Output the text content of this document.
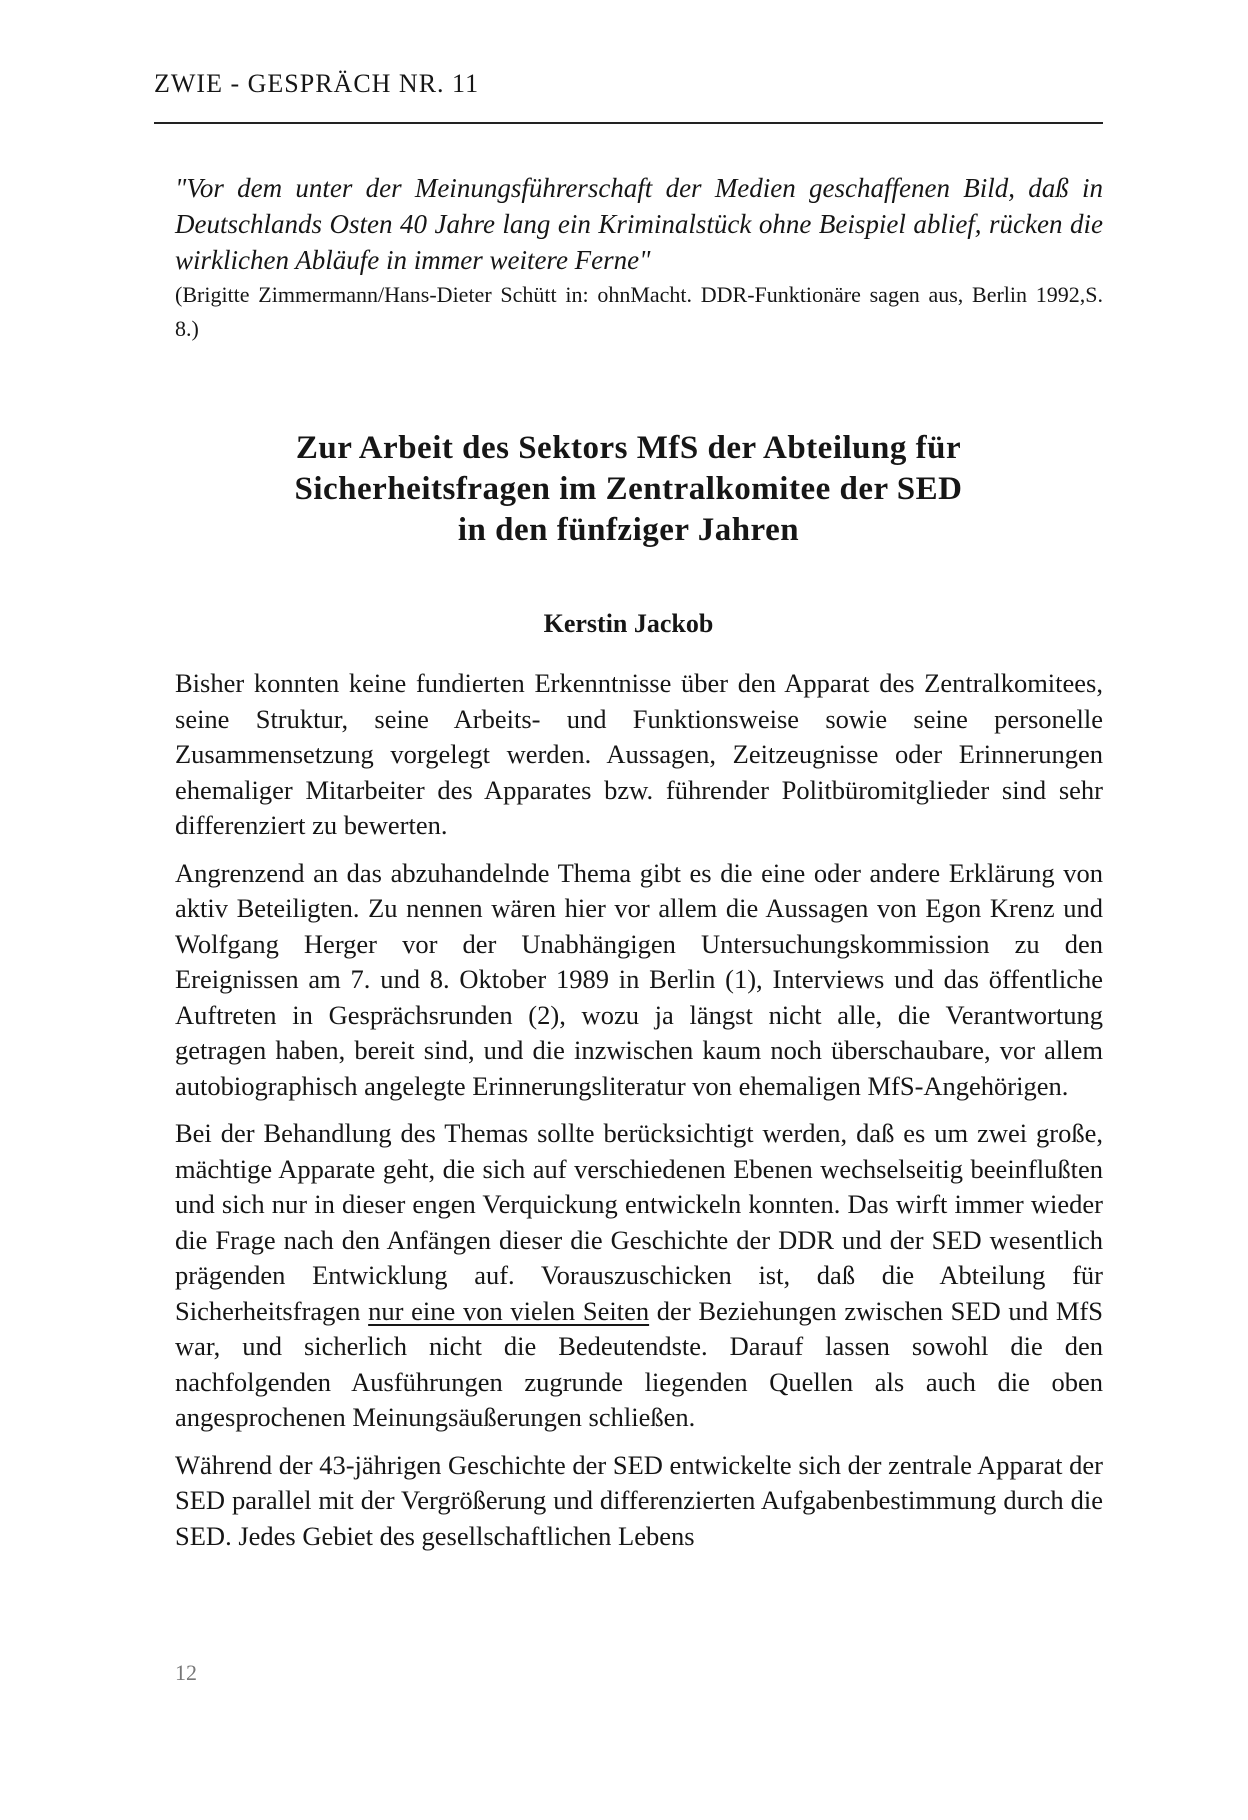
ZWIE - GESPRÄCH NR. 11

"Vor dem unter der Meinungsführerschaft der Medien geschaffenen Bild, daß in Deutschlands Osten 40 Jahre lang ein Kriminalstück ohne Beispiel ablief, rücken die wirklichen Abläufe in immer weitere Ferne"

(Brigitte Zimmermann/Hans-Dieter Schütt in: ohnMacht. DDR-Funktionäre sagen aus, Berlin 1992,S. 8.)

Zur Arbeit des Sektors MfS der Abteilung für
Sicherheitsfragen im Zentralkomitee der SED
in den fünfziger Jahren

Kerstin Jackob

Bisher konnten keine fundierten Erkenntnisse über den Apparat des Zentralkomitees, seine Struktur, seine Arbeits- und Funktionsweise sowie seine personelle Zusammensetzung vorgelegt werden. Aussagen, Zeitzeugnisse oder Erinnerungen ehemaliger Mitarbeiter des Apparates bzw. führender Politbüromitglieder sind sehr differenziert zu bewerten.

Angrenzend an das abzuhandelnde Thema gibt es die eine oder andere Erklärung von aktiv Beteiligten. Zu nennen wären hier vor allem die Aussagen von Egon Krenz und Wolfgang Herger vor der Unabhängigen Untersuchungskommission zu den Ereignissen am 7. und 8. Oktober 1989 in Berlin (1), Interviews und das öffentliche Auftreten in Gesprächsrunden (2), wozu ja längst nicht alle, die Verantwortung getragen haben, bereit sind, und die inzwischen kaum noch überschaubare, vor allem autobiographisch angelegte Erinnerungsliteratur von ehemaligen MfS-Angehörigen.

Bei der Behandlung des Themas sollte berücksichtigt werden, daß es um zwei große, mächtige Apparate geht, die sich auf verschiedenen Ebenen wechselseitig beeinflußten und sich nur in dieser engen Verquickung entwickeln konnten. Das wirft immer wieder die Frage nach den Anfängen dieser die Geschichte der DDR und der SED wesentlich prägenden Entwicklung auf. Vorauszuschicken ist, daß die Abteilung für Sicherheitsfragen nur eine von vielen Seiten der Beziehungen zwischen SED und MfS war, und sicherlich nicht die Bedeutendste. Darauf lassen sowohl die den nachfolgenden Ausführungen zugrunde liegenden Quellen als auch die oben angesprochenen Meinungsäußerungen schließen.

Während der 43-jährigen Geschichte der SED entwickelte sich der zentrale Apparat der SED parallel mit der Vergrößerung und differenzierten Aufgabenbestimmung durch die SED. Jedes Gebiet des gesellschaftlichen Lebens

12
